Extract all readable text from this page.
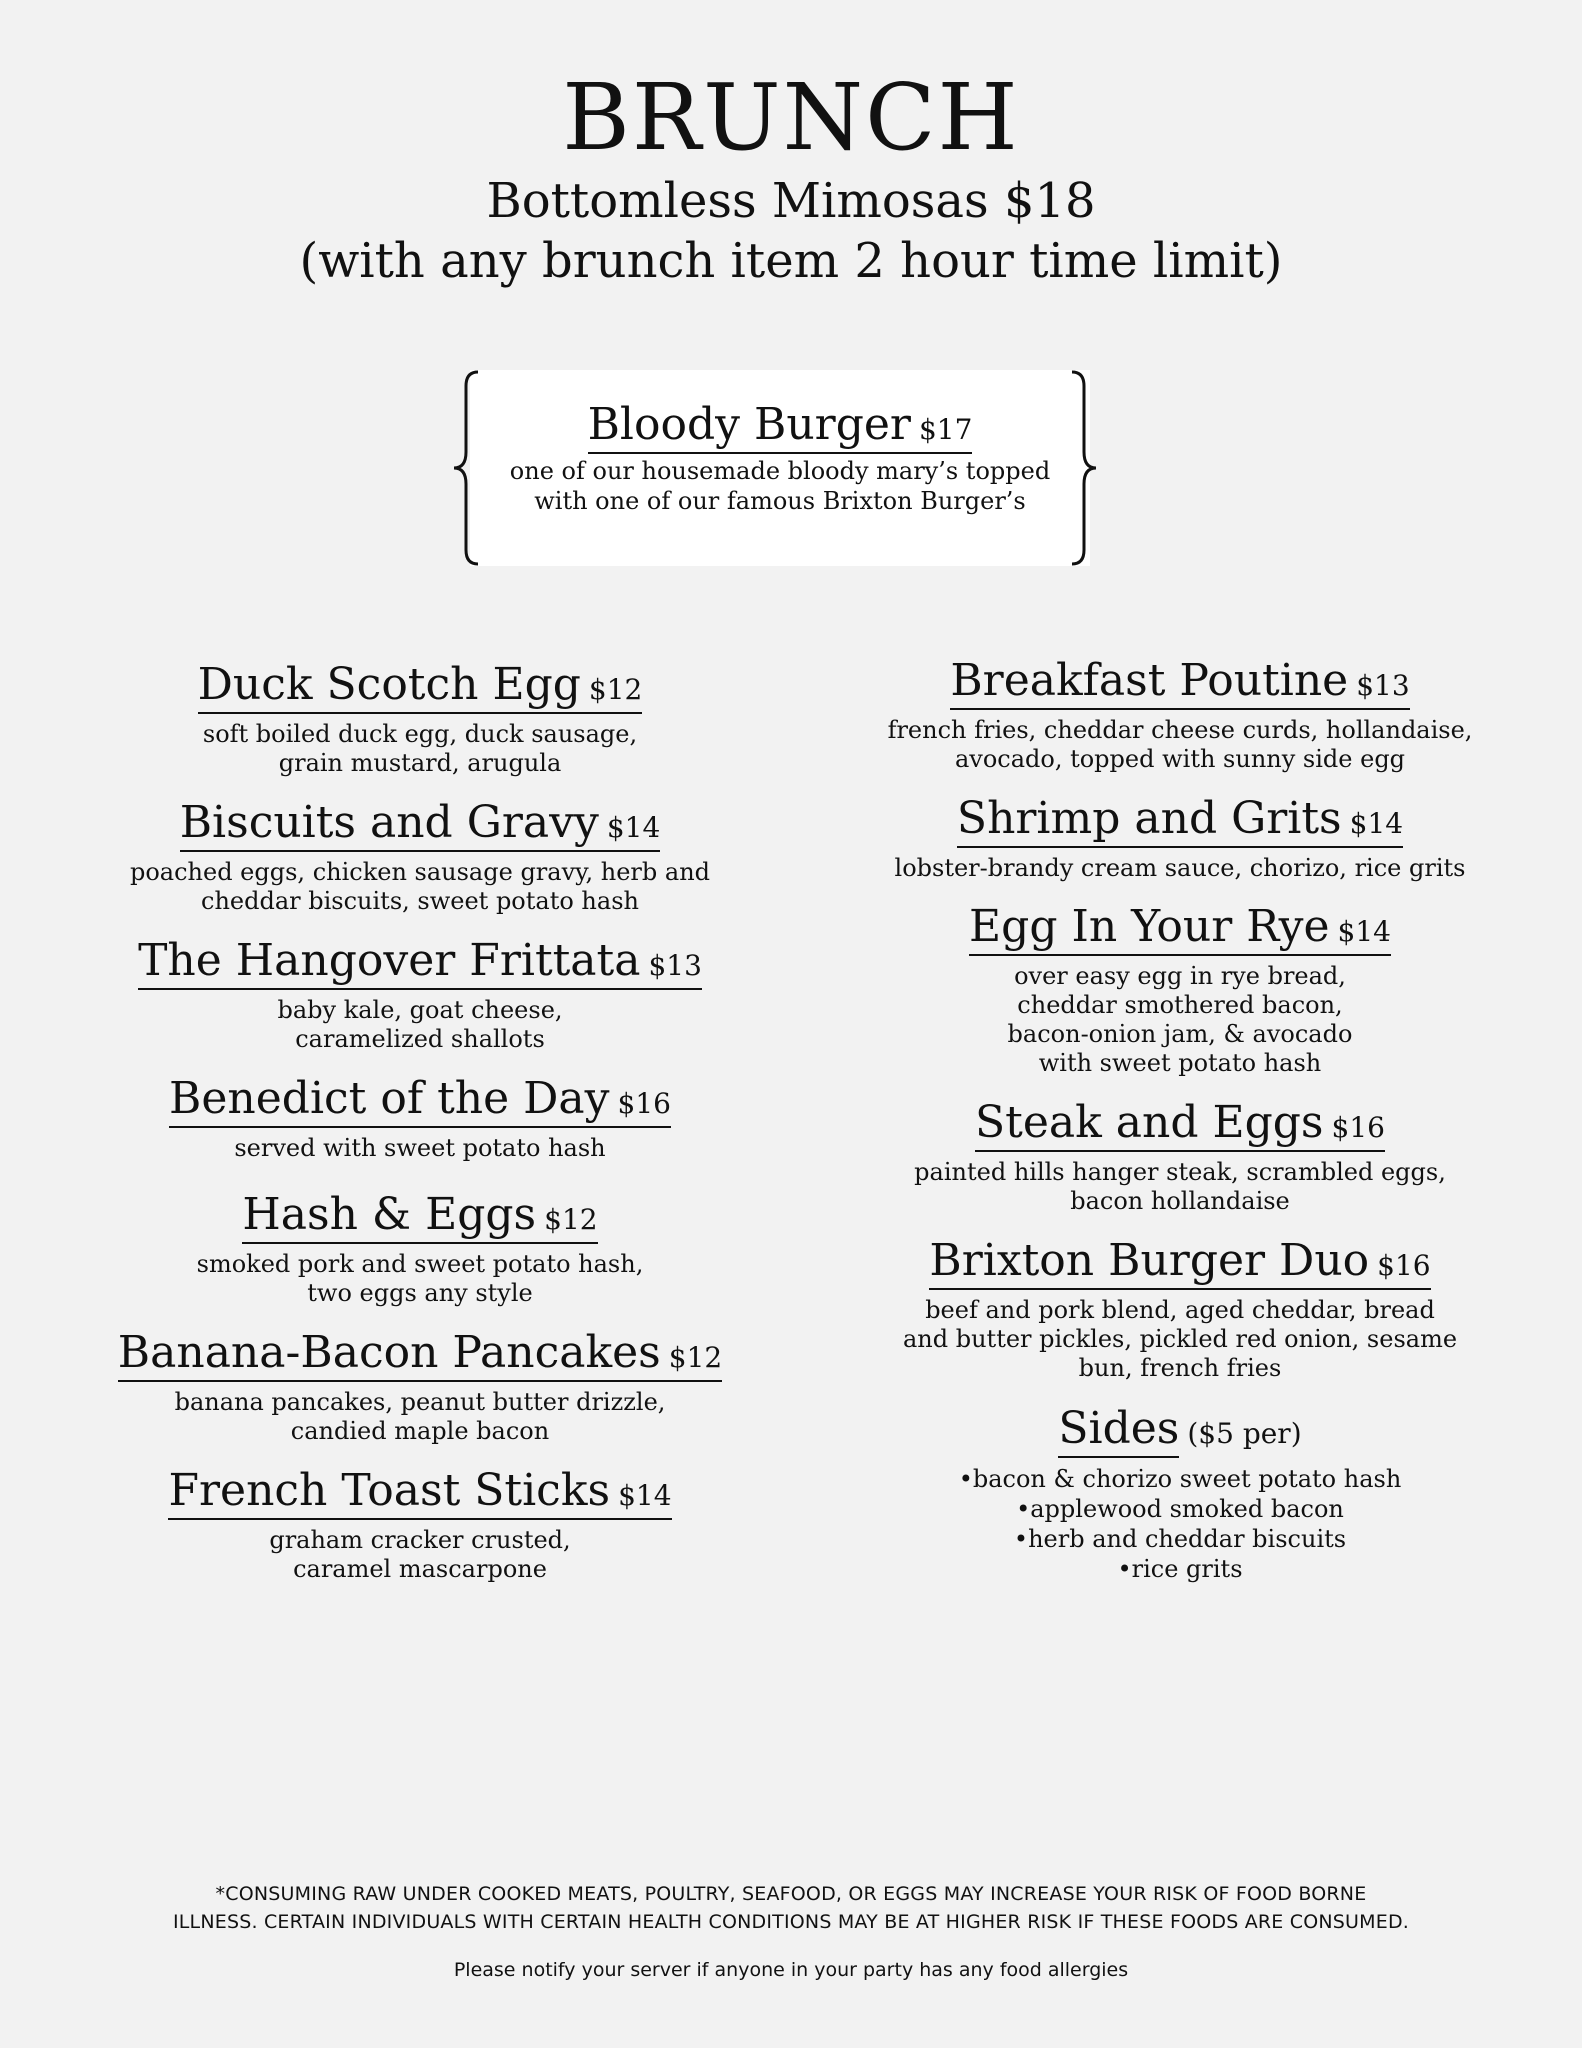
BRUNCH
Bottomless Mimosas $18
(with any brunch item 2 hour time limit)
Bloody Burger $17
one of our housemade bloody mary’s topped
with one of our famous Brixton Burger’s
Duck Scotch Egg $12
soft boiled duck egg, duck sausage,
grain mustard, arugula
Biscuits and Gravy $14
poached eggs, chicken sausage gravy, herb and
cheddar biscuits, sweet potato hash
The Hangover Frittata $13
baby kale, goat cheese,
caramelized shallots
Benedict of the Day $16
served with sweet potato hash
Hash & Eggs $12
smoked pork and sweet potato hash,
two eggs any style
Banana-Bacon Pancakes $12
banana pancakes, peanut butter drizzle,
candied maple bacon
French Toast Sticks $14
graham cracker crusted,
caramel mascarpone
Breakfast Poutine $13
french fries, cheddar cheese curds, hollandaise,
avocado, topped with sunny side egg
Shrimp and Grits $14
lobster-brandy cream sauce, chorizo, rice grits
Egg In Your Rye $14
over easy egg in rye bread,
cheddar smothered bacon,
bacon-onion jam, & avocado
with sweet potato hash
Steak and Eggs $16
painted hills hanger steak, scrambled eggs,
bacon hollandaise
Brixton Burger Duo $16
beef and pork blend, aged cheddar, bread
and butter pickles, pickled red onion, sesame
bun, french fries
Sides ($5 per)
•bacon & chorizo sweet potato hash
•applewood smoked bacon
•herb and cheddar biscuits
•rice grits
*CONSUMING RAW UNDER COOKED MEATS, POULTRY, SEAFOOD, OR EGGS MAY INCREASE YOUR RISK OF FOOD BORNE
ILLNESS. CERTAIN INDIVIDUALS WITH CERTAIN HEALTH CONDITIONS MAY BE AT HIGHER RISK IF THESE FOODS ARE CONSUMED.
Please notify your server if anyone in your party has any food allergies
